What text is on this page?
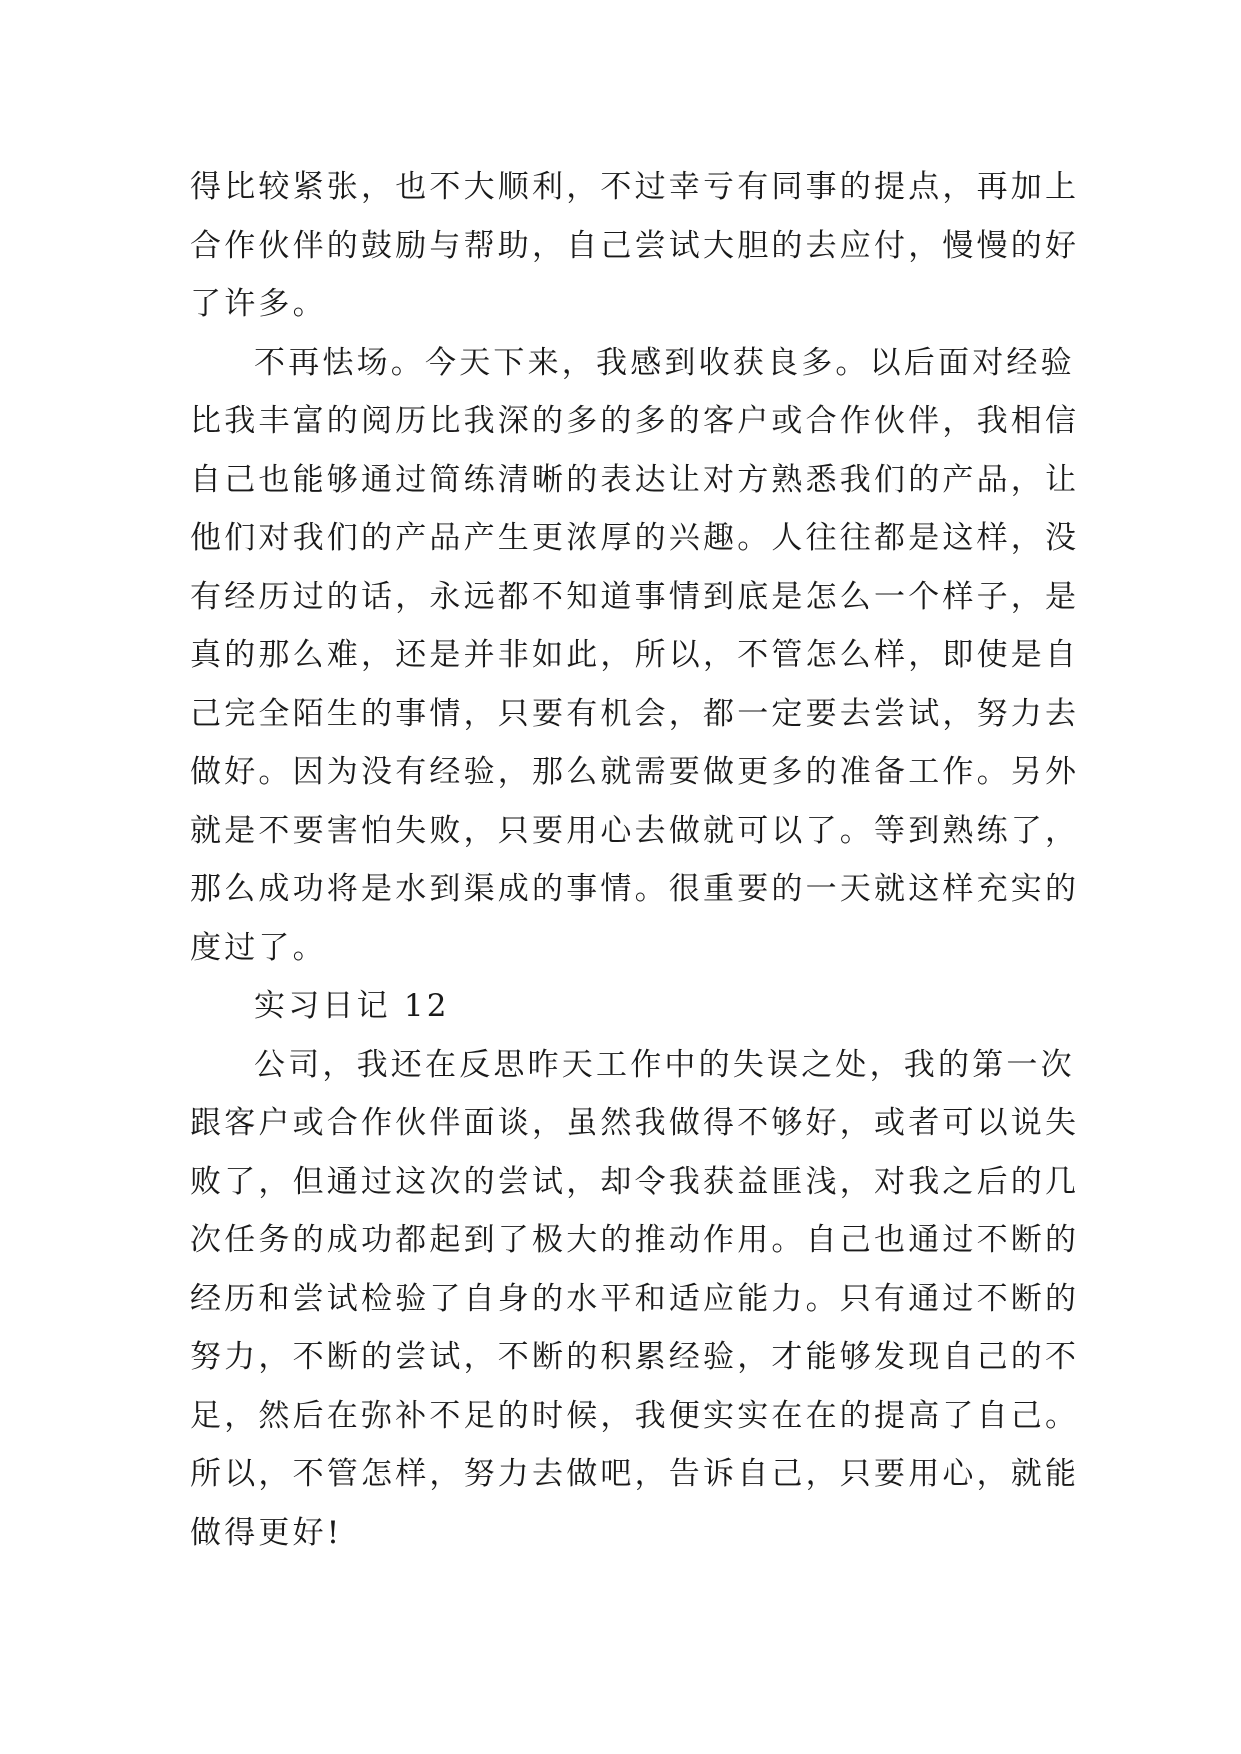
得比较紧张，也不大顺利，不过幸亏有同事的提点，再加上
合作伙伴的鼓励与帮助，自己尝试大胆的去应付，慢慢的好
了许多。
不再怯场。今天下来，我感到收获良多。以后面对经验
比我丰富的阅历比我深的多的多的客户或合作伙伴，我相信
自己也能够通过简练清晰的表达让对方熟悉我们的产品，让
他们对我们的产品产生更浓厚的兴趣。人往往都是这样，没
有经历过的话，永远都不知道事情到底是怎么一个样子，是
真的那么难，还是并非如此，所以，不管怎么样，即使是自
己完全陌生的事情，只要有机会，都一定要去尝试，努力去
做好。因为没有经验，那么就需要做更多的准备工作。另外
就是不要害怕失败，只要用心去做就可以了。等到熟练了，
那么成功将是水到渠成的事情。很重要的一天就这样充实的
度过了。
实习日记 12
公司，我还在反思昨天工作中的失误之处，我的第一次
跟客户或合作伙伴面谈，虽然我做得不够好，或者可以说失
败了，但通过这次的尝试，却令我获益匪浅，对我之后的几
次任务的成功都起到了极大的推动作用。自己也通过不断的
经历和尝试检验了自身的水平和适应能力。只有通过不断的
努力，不断的尝试，不断的积累经验，才能够发现自己的不
足，然后在弥补不足的时候，我便实实在在的提高了自己。
所以，不管怎样，努力去做吧，告诉自己，只要用心，就能
做得更好!
